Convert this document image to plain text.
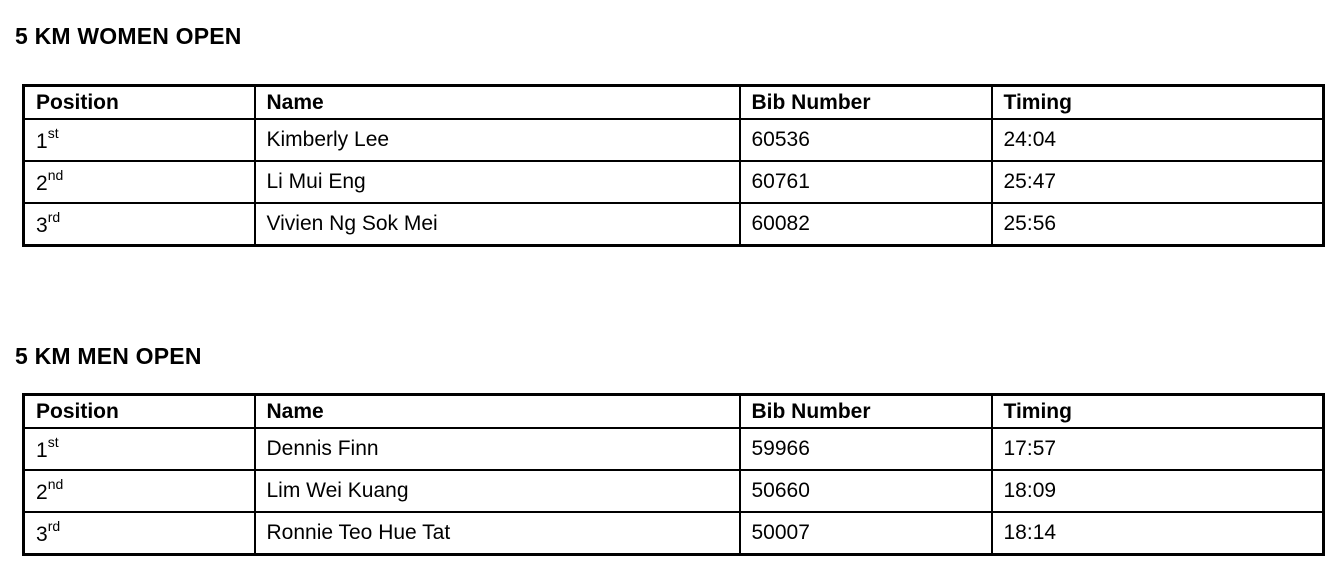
5 KM WOMEN OPEN
Position	Name	Bib Number	Timing
1st	Kimberly Lee	60536	24:04
2nd	Li Mui Eng	60761	25:47
3rd	Vivien Ng Sok Mei	60082	25:56
5 KM MEN OPEN
Position	Name	Bib Number	Timing
1st	Dennis Finn	59966	17:57
2nd	Lim Wei Kuang	50660	18:09
3rd	Ronnie Teo Hue Tat	50007	18:14
